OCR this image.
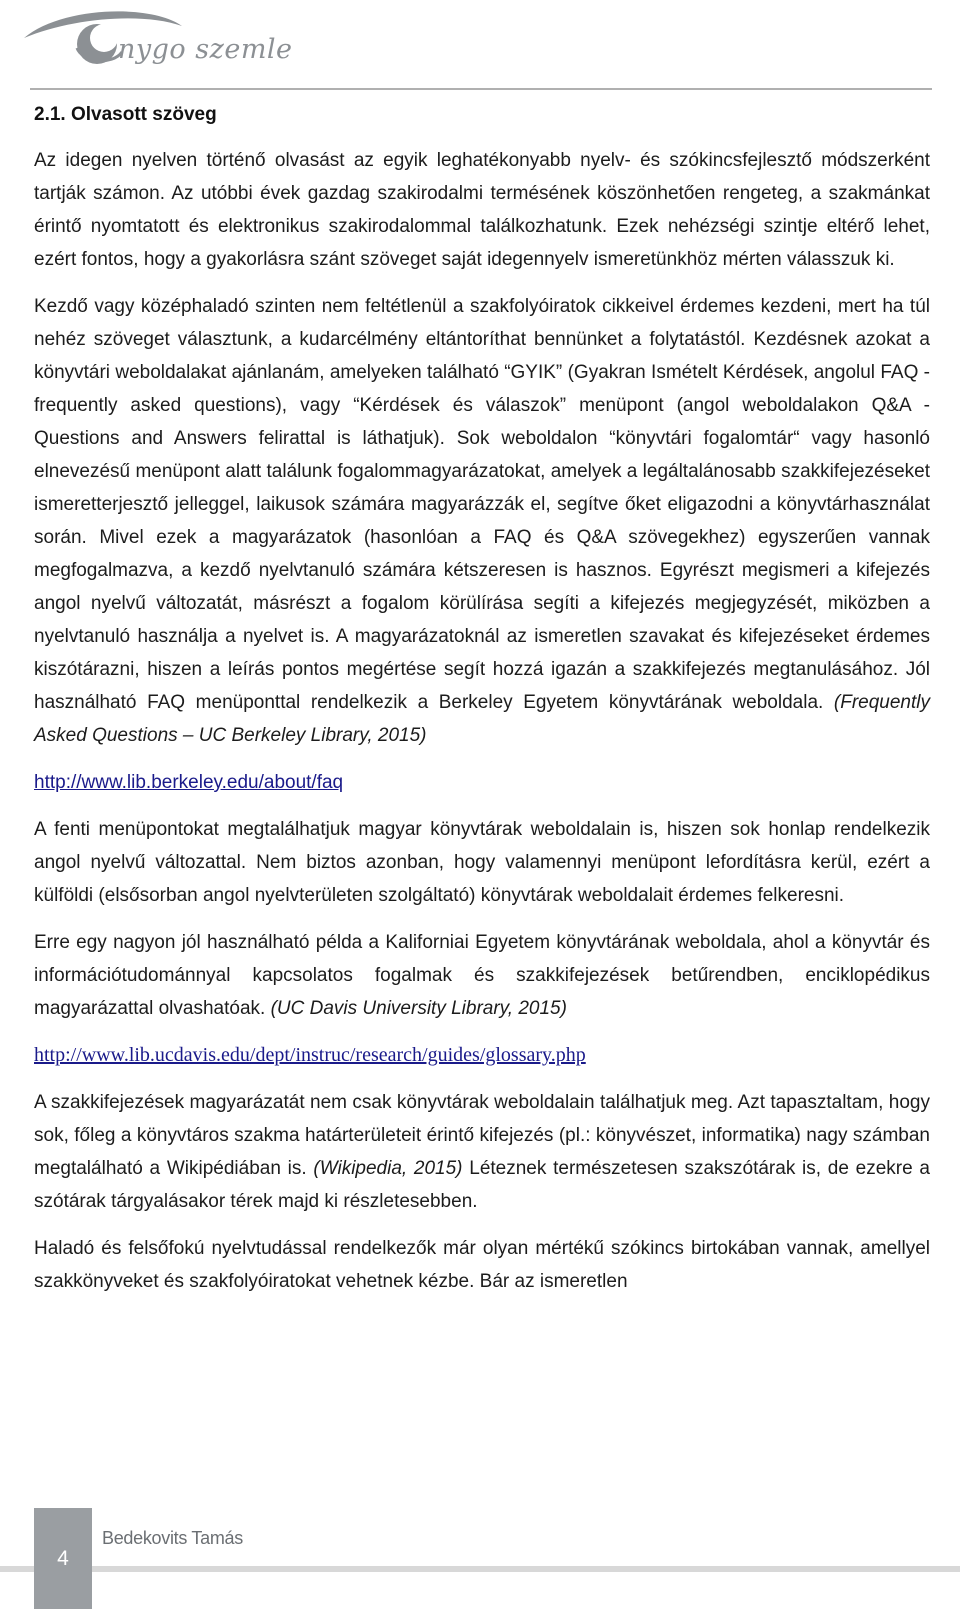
nygo szemle
2.1. Olvasott szöveg

Az idegen nyelven történő olvasást az egyik leghatékonyabb nyelv- és szókincsfejlesztő módszerként tartják számon. Az utóbbi évek gazdag szakirodalmi termésének köszönhetően rengeteg, a szakmánkat érintő nyomtatott és elektronikus szakirodalommal találkozhatunk. Ezek nehézségi szintje eltérő lehet, ezért fontos, hogy a gyakorlásra szánt szöveget saját idegennyelv ismeretünkhöz mérten válasszuk ki.

Kezdő vagy középhaladó szinten nem feltétlenül a szakfolyóiratok cikkeivel érdemes kezdeni, mert ha túl nehéz szöveget választunk, a kudarcélmény eltántoríthat bennünket a folytatástól. Kezdésnek azokat a könyvtári weboldalakat ajánlanám, amelyeken található “GYIK” (Gyakran Ismételt Kérdések, angolul FAQ - frequently asked questions), vagy “Kérdések és válaszok” menüpont (angol weboldalakon Q&A - Questions and Answers felirattal is láthatjuk). Sok weboldalon “könyvtári fogalomtár“ vagy hasonló elnevezésű menüpont alatt találunk fogalommagyarázatokat, amelyek a legáltalánosabb szakkifejezéseket ismeretterjesztő jelleggel, laikusok számára magyarázzák el, segítve őket eligazodni a könyvtárhasználat során. Mivel ezek a magyarázatok (hasonlóan a FAQ és Q&A szövegekhez) egyszerűen vannak megfogalmazva, a kezdő nyelvtanuló számára kétszeresen is hasznos. Egyrészt megismeri a kifejezés angol nyelvű változatát, másrészt a fogalom körülírása segíti a kifejezés megjegyzését, miközben a nyelvtanuló használja a nyelvet is. A magyarázatoknál az ismeretlen szavakat és kifejezéseket érdemes kiszótárazni, hiszen a leírás pontos megértése segít hozzá igazán a szakkifejezés megtanulásához. Jól használható FAQ menüponttal rendelkezik a Berkeley Egyetem könyvtárának weboldala. (Frequently Asked Questions – UC Berkeley Library, 2015)

http://www.lib.berkeley.edu/about/faq

A fenti menüpontokat megtalálhatjuk magyar könyvtárak weboldalain is, hiszen sok honlap rendelkezik angol nyelvű változattal. Nem biztos azonban, hogy valamennyi menüpont lefordításra kerül, ezért a külföldi (elsősorban angol nyelvterületen szolgáltató) könyvtárak weboldalait érdemes felkeresni.

Erre egy nagyon jól használható példa a Kaliforniai Egyetem könyvtárának weboldala, ahol a könyvtár és információtudománnyal kapcsolatos fogalmak és szakkifejezések betűrendben, enciklopédikus magyarázattal olvashatóak. (UC Davis University Library, 2015)

http://www.lib.ucdavis.edu/dept/instruc/research/guides/glossary.php

A szakkifejezések magyarázatát nem csak könyvtárak weboldalain találhatjuk meg. Azt tapasztaltam, hogy sok, főleg a könyvtáros szakma határterületeit érintő kifejezés (pl.: könyvészet, informatika) nagy számban megtalálható a Wikipédiában is. (Wikipedia, 2015) Léteznek természetesen szakszótárak is, de ezekre a szótárak tárgyalásakor térek majd ki részletesebben.

Haladó és felsőfokú nyelvtudással rendelkezők már olyan mértékű szókincs birtokában vannak, amellyel szakkönyveket és szakfolyóiratokat vehetnek kézbe. Bár az ismeretlen

4
Bedekovits Tamás
